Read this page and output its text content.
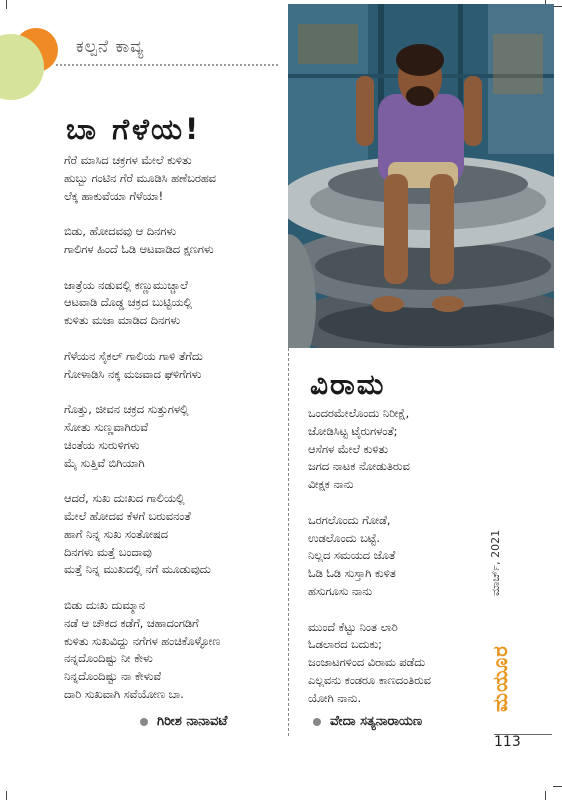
ಕಲ್ಪನೆ ಕಾವ್ಯ
ಬಾ ಗೆಳೆಯ!
ಗೆರೆ ಮಾಸಿದ ಚಕ್ರಗಳ ಮೇಲೆ ಕುಳಿತು
ಹುಬ್ಬು ಗಂಟಿನ ಗೆರೆ ಮೂಡಿಸಿ ಹಣೆಬರಹವ
ಲೆಕ್ಕ ಹಾಕುವೆಯಾ ಗೆಳೆಯಾ!

ಬಿಡು, ಹೋದವವು ಆ ದಿನಗಳು
ಗಾಲಿಗಳ ಹಿಂದೆ ಓಡಿ ಆಟವಾಡಿದ ಕ್ಷಣಗಳು

ಜಾತ್ರೆಯ ನಡುವಲ್ಲಿ ಕಣ್ಣುಮುಚ್ಚಾಲೆ
ಆಟವಾಡಿ ದೊಡ್ಡ ಚಕ್ರದ ಬುಟ್ಟಿಯಲ್ಲಿ
ಕುಳಿತು ಮಜಾ ಮಾಡಿದ ದಿನಗಳು

ಗೆಳೆಯನ ಸೈಕಲ್ ಗಾಲಿಯ ಗಾಳಿ ತೆಗೆದು
ಗೋಳಾಡಿಸಿ ನಕ್ಕ ಮಜವಾದ ಘಳಿಗೆಗಳು

ಗೊತ್ತು, ಜೀವನ ಚಕ್ರದ ಸುತ್ತುಗಳಲ್ಲಿ
ಸೋತು ಸುಣ್ಣವಾಗಿರುವೆ
ಚಿಂತೆಯ ಸುರುಳಿಗಳು
ಮೈ ಸುತ್ತಿವೆ ಬಿಗಿಯಾಗಿ

ಆದರೆ, ಸುಖ ದುಃಖದ ಗಾಲಿಯಲ್ಲಿ
ಮೇಲೆ ಹೋದವ ಕೆಳಗೆ ಬರುವನಂತೆ
ಹಾಗೆ ನಿನ್ನ ಸುಖ ಸಂತೋಷದ
ದಿನಗಳು ಮತ್ತೆ ಬಂದಾವು
ಮತ್ತೆ ನಿನ್ನ ಮುಖದಲ್ಲಿ ನಗೆ ಮೂಡುವುದು

ಬಿಡು ದುಃಖ ದುಮ್ಮಾನ
ನಡೆ ಆ ಚೌಕದ ಕಡೆಗೆ, ಚಹಾದಂಗಡಿಗೆ
ಕುಳಿತು ಸುಖವಿದ್ದು ನಗೆಗಳ ಹಂಚಿಕೊಳ್ಳೋಣ
ನನ್ನದೊಂದಿಷ್ಟು ನೀ ಕೇಳು
ನಿನ್ನದೊಂದಿಷ್ಟು ನಾ ಕೇಳುವೆ
ದಾರಿ ಸುಖವಾಗಿ ಸವೆಯೋಣ ಬಾ.
ಗಿರೀಶ ನಾನಾವಟೆ
ವಿರಾಮ
ಒಂದರಮೇಲೊಂದು ನಿರೀಕ್ಷೆ,
ಜೋಡಿಸಿಟ್ಟ ಟೈರುಗಳಂತೆ;
ಆಸೆಗಳ ಮೇಲೆ ಕುಳಿತು
ಜಗದ ನಾಟಕ ನೋಡುತಿರುವ
ವೀಕ್ಷಕ ನಾನು

ಒರಗಲೊಂದು ಗೋಡೆ,
ಉಡಲೊಂದು ಬಟ್ಟೆ.
ನಿಲ್ಲದ ಸಮಯದ ಜೊತೆ
ಓಡಿ ಓಡಿ ಸುಸ್ತಾಗಿ ಕುಳಿತ
ಹಸುಗೂಸು ನಾನು

ಮುಂದೆ ಕೆಟ್ಟು ನಿಂತ ಲಾರಿ
ಓಡಲಾರದ ಬದುಕು;
ಜಂಜಾಟಗಳಿಂದ ವಿರಾಮ ಪಡೆದು
ಎಲ್ಲವನು ಕಂಡರೂ ಕಾಣದಂತಿರುವ
ಯೋಗಿ ನಾನು.
ವೇದಾ ಸತ್ಯನಾರಾಯಣ
ಮಾರ್ಚ್, 2021
ಮಯೂರ
113
